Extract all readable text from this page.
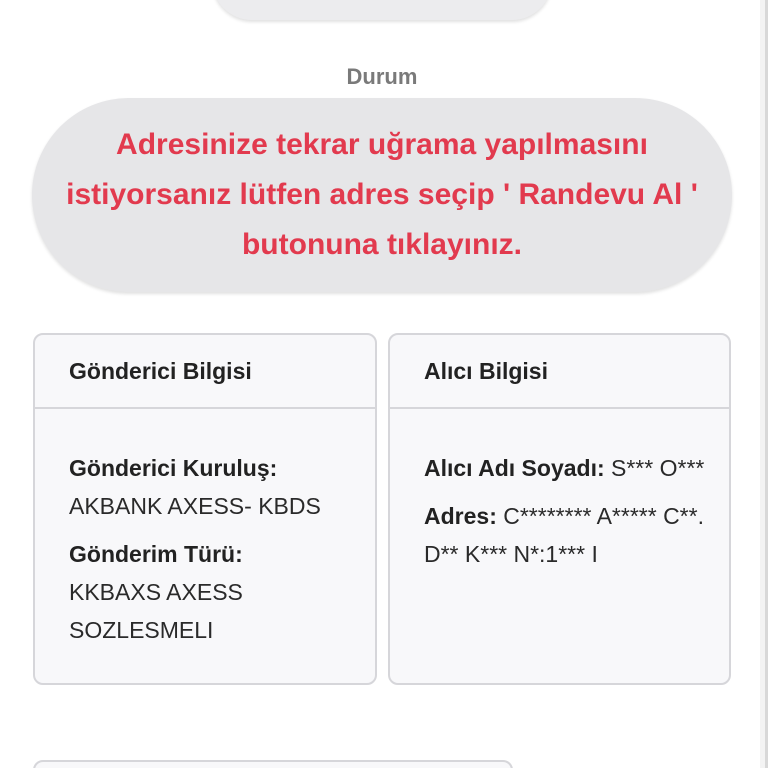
Durum
Adresinize tekrar uğrama yapılmasını istiyorsanız lütfen adres seçip ' Randevu Al ' butonuna tıklayınız.
Gönderici Bilgisi
Gönderici Kuruluş:
AKBANK AXESS- KBDS
Gönderim Türü:
KKBAXS AXESS SOZLESMELI
Alıcı Bilgisi
Alıcı Adı Soyadı: S*** O***
Adres: C******** A***** C**. D** K*** N*:1*** I
